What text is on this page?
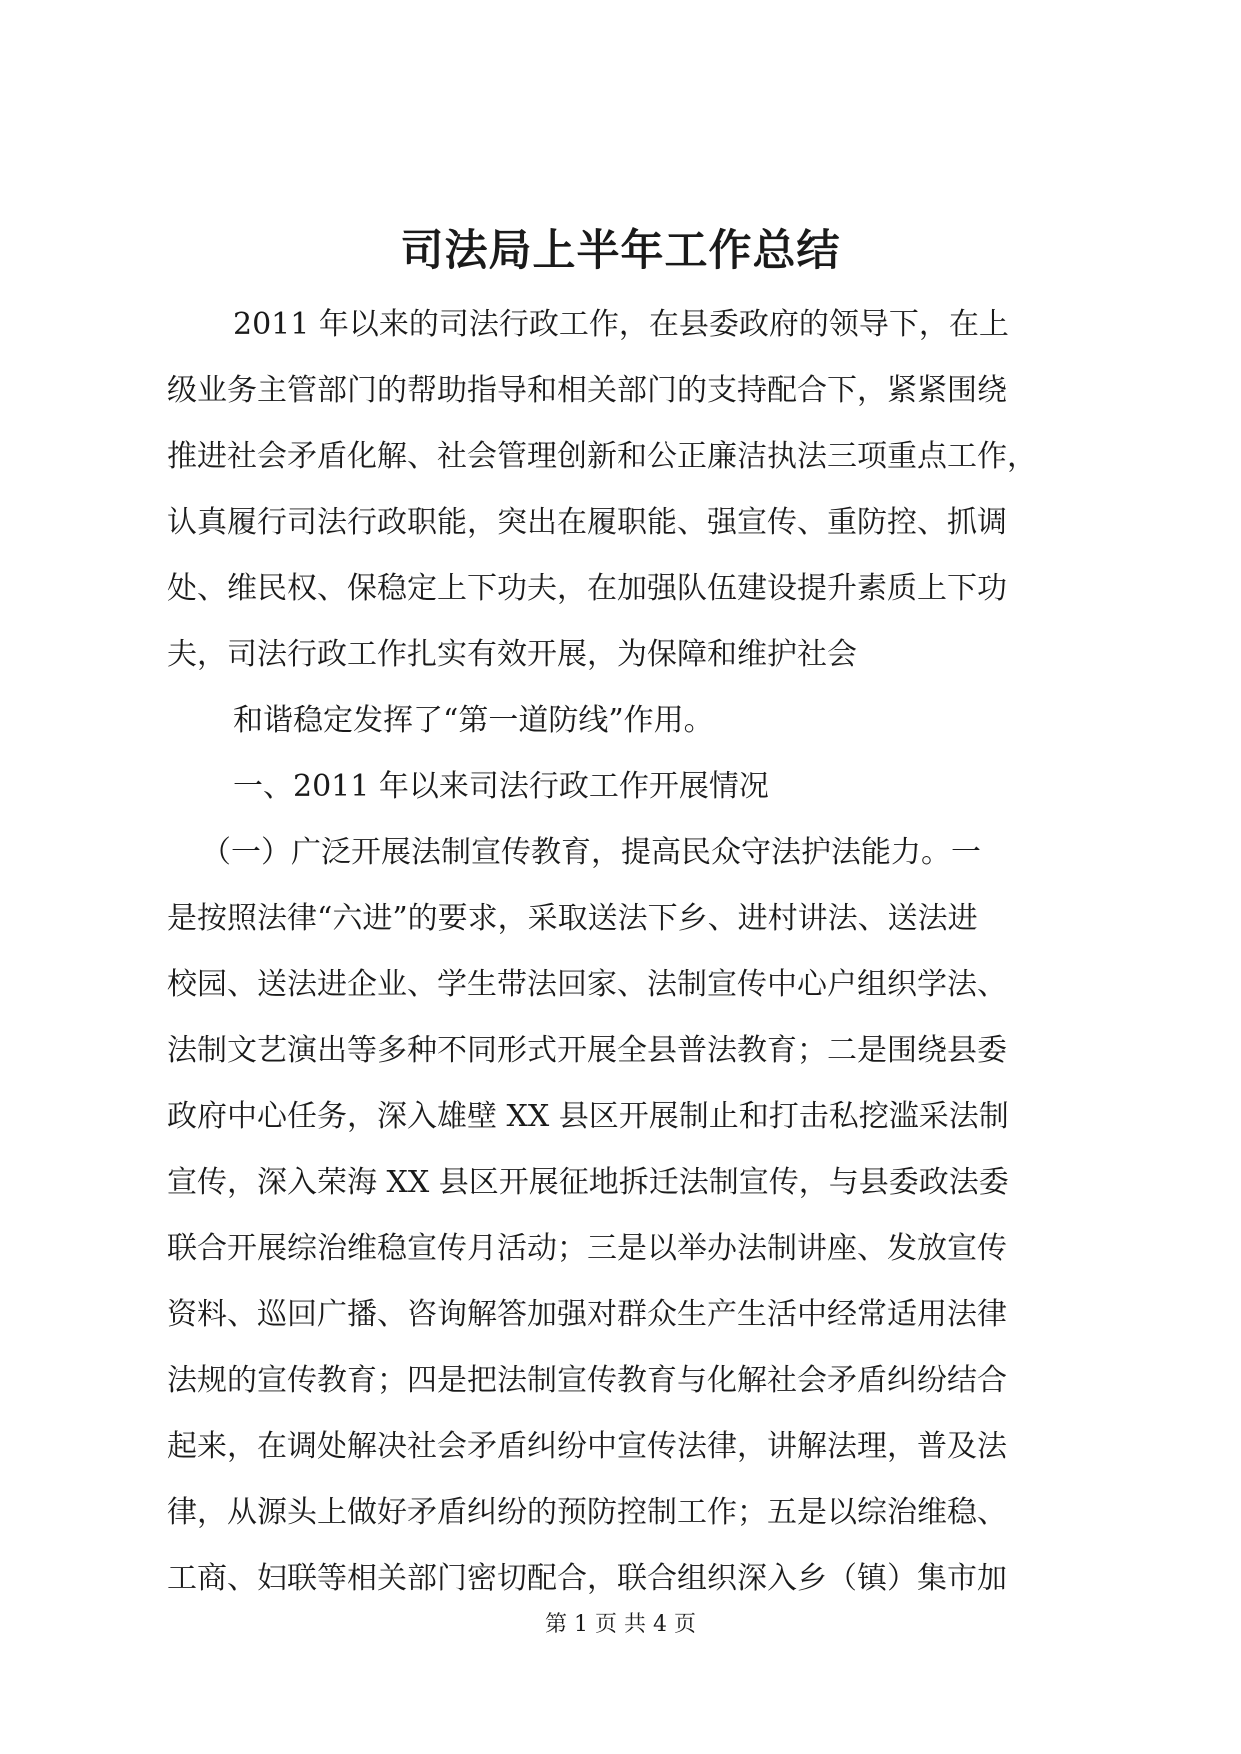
司法局上半年工作总结
2011 年以来的司法行政工作，在县委政府的领导下，在上
级业务主管部门的帮助指导和相关部门的支持配合下，紧紧围绕
推进社会矛盾化解、社会管理创新和公正廉洁执法三项重点工作，
认真履行司法行政职能，突出在履职能、强宣传、重防控、抓调
处、维民权、保稳定上下功夫，在加强队伍建设提升素质上下功
夫，司法行政工作扎实有效开展，为保障和维护社会
和谐稳定发挥了“第一道防线”作用。
一、2011 年以来司法行政工作开展情况
（一）广泛开展法制宣传教育，提高民众守法护法能力。一
是按照法律“六进”的要求，采取送法下乡、进村讲法、送法进
校园、送法进企业、学生带法回家、法制宣传中心户组织学法、
法制文艺演出等多种不同形式开展全县普法教育；二是围绕县委
政府中心任务，深入雄壁 XX 县区开展制止和打击私挖滥采法制
宣传，深入荣海 XX 县区开展征地拆迁法制宣传，与县委政法委
联合开展综治维稳宣传月活动；三是以举办法制讲座、发放宣传
资料、巡回广播、咨询解答加强对群众生产生活中经常适用法律
法规的宣传教育；四是把法制宣传教育与化解社会矛盾纠纷结合
起来，在调处解决社会矛盾纠纷中宣传法律，讲解法理，普及法
律，从源头上做好矛盾纠纷的预防控制工作；五是以综治维稳、
工商、妇联等相关部门密切配合，联合组织深入乡（镇）集市加
第 1 页 共 4 页
